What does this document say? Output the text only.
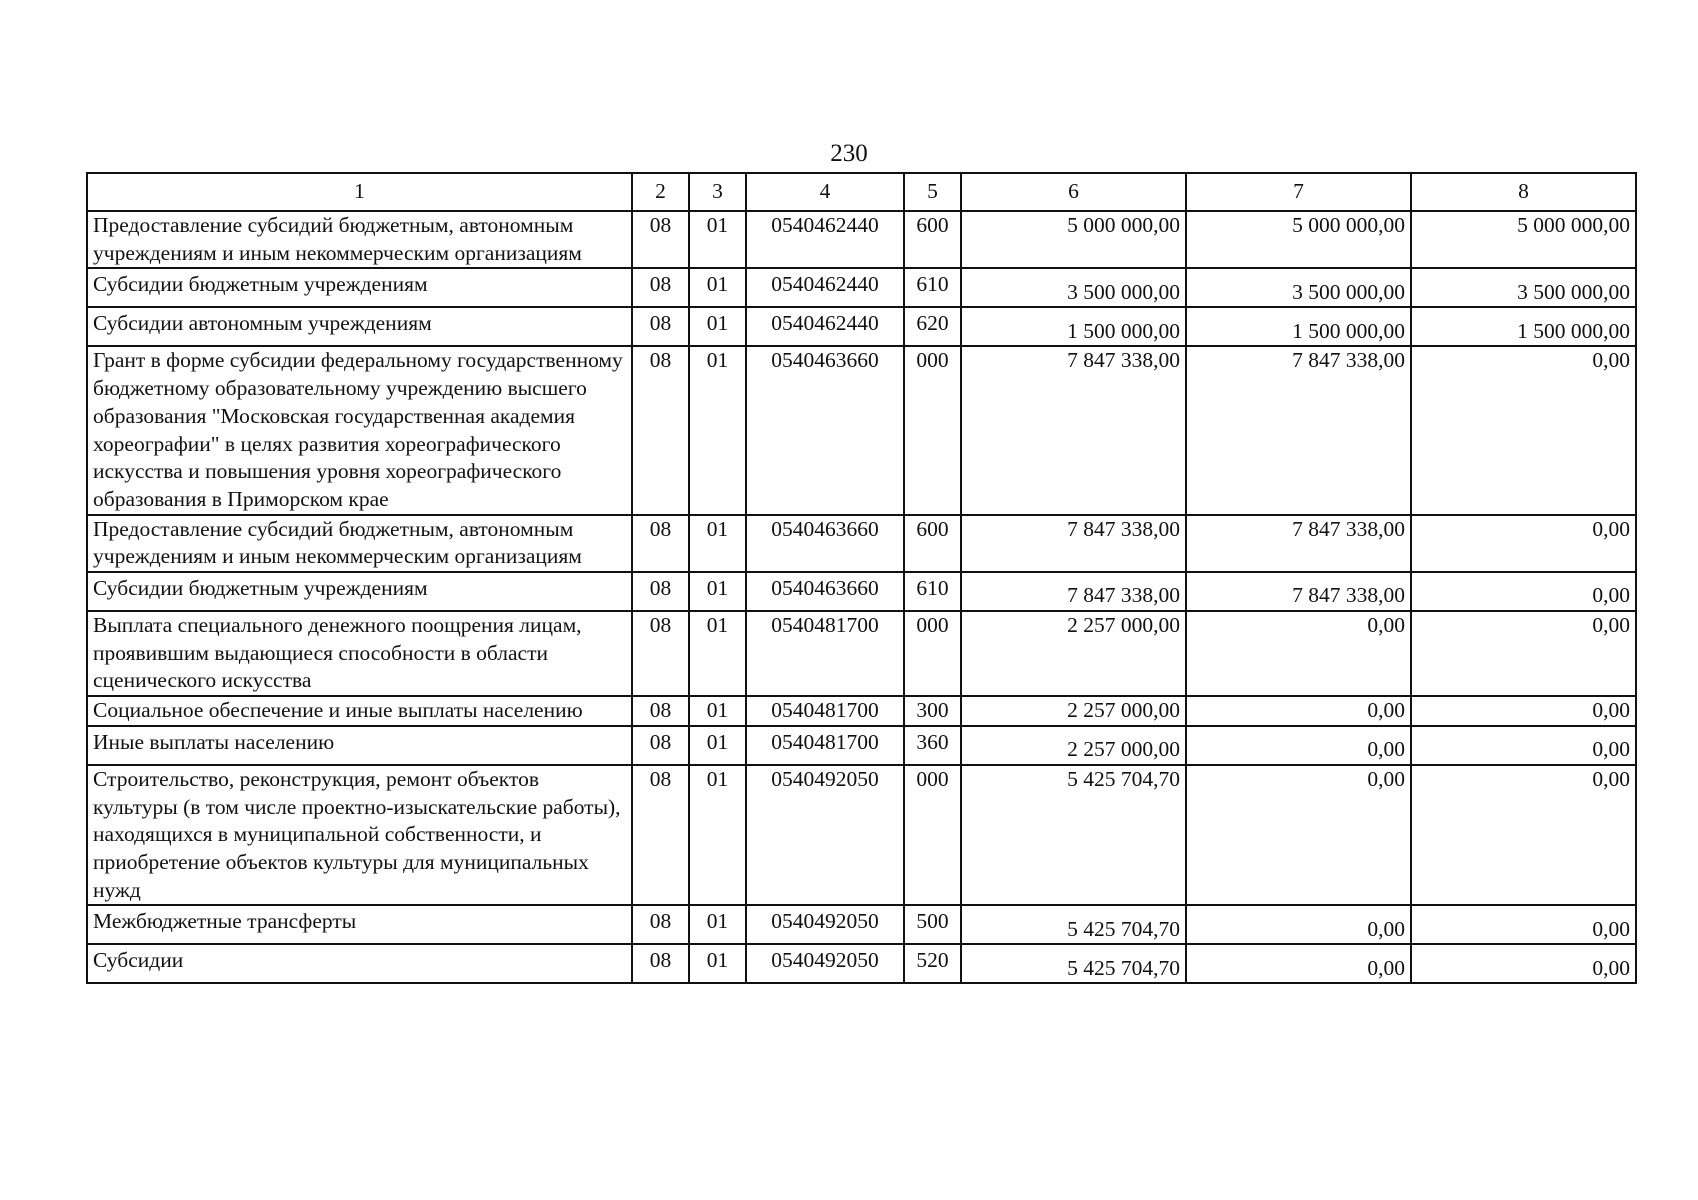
230
1	2	3	4	5	6	7	8
Предоставление субсидий бюджетным, автономным учреждениям и иным некоммерческим организациям	08	01	0540462440	600	5 000 000,00	5 000 000,00	5 000 000,00
Субсидии бюджетным учреждениям	08	01	0540462440	610	3 500 000,00	3 500 000,00	3 500 000,00
Субсидии автономным учреждениям	08	01	0540462440	620	1 500 000,00	1 500 000,00	1 500 000,00
Грант в форме субсидии федеральному государственному бюджетному образовательному учреждению высшего образования "Московская государственная академия хореографии" в целях развития хореографического искусства и повышения уровня хореографического образования в Приморском крае	08	01	0540463660	000	7 847 338,00	7 847 338,00	0,00
Предоставление субсидий бюджетным, автономным учреждениям и иным некоммерческим организациям	08	01	0540463660	600	7 847 338,00	7 847 338,00	0,00
Субсидии бюджетным учреждениям	08	01	0540463660	610	7 847 338,00	7 847 338,00	0,00
Выплата специального денежного поощрения лицам, проявившим выдающиеся способности в области сценического искусства	08	01	0540481700	000	2 257 000,00	0,00	0,00
Социальное обеспечение и иные выплаты населению	08	01	0540481700	300	2 257 000,00	0,00	0,00
Иные выплаты населению	08	01	0540481700	360	2 257 000,00	0,00	0,00
Строительство, реконструкция, ремонт объектов культуры (в том числе проектно-изыскательские работы), находящихся в муниципальной собственности, и приобретение объектов культуры для муниципальных нужд	08	01	0540492050	000	5 425 704,70	0,00	0,00
Межбюджетные трансферты	08	01	0540492050	500	5 425 704,70	0,00	0,00
Субсидии	08	01	0540492050	520	5 425 704,70	0,00	0,00
